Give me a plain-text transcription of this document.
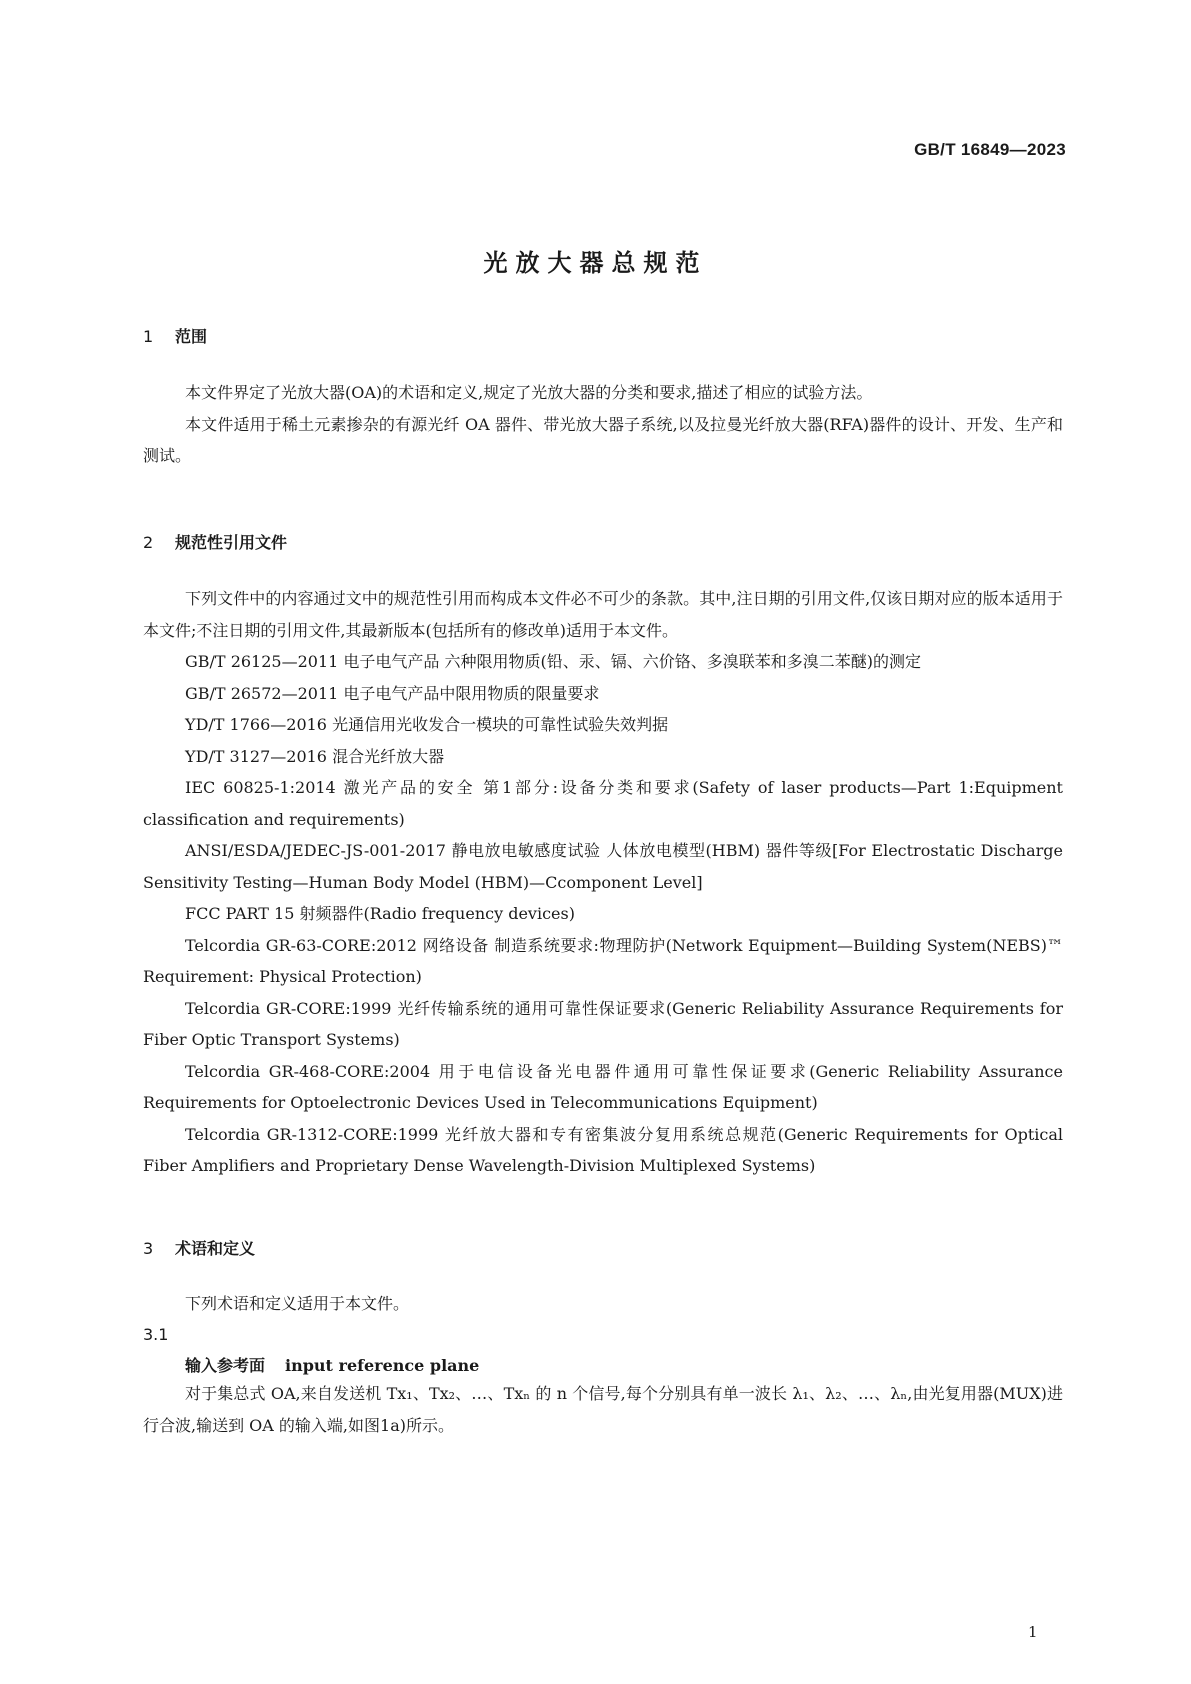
GB/T 16849—2023
光放大器总规范
1 范围

本文件界定了光放大器(OA)的术语和定义,规定了光放大器的分类和要求,描述了相应的试验方法。

本文件适用于稀土元素掺杂的有源光纤 OA 器件、带光放大器子系统,以及拉曼光纤放大器(RFA)器件的设计、开发、生产和测试。

2 规范性引用文件

下列文件中的内容通过文中的规范性引用而构成本文件必不可少的条款。其中,注日期的引用文件,仅该日期对应的版本适用于本文件;不注日期的引用文件,其最新版本(包括所有的修改单)适用于本文件。

GB/T 26125—2011 电子电气产品 六种限用物质(铅、汞、镉、六价铬、多溴联苯和多溴二苯醚)的测定

GB/T 26572—2011 电子电气产品中限用物质的限量要求

YD/T 1766—2016 光通信用光收发合一模块的可靠性试验失效判据

YD/T 3127—2016 混合光纤放大器

IEC 60825-1:2014 激光产品的安全 第1部分:设备分类和要求(Safety of laser products—Part 1:Equipment classification and requirements)

ANSI/ESDA/JEDEC-JS-001-2017 静电放电敏感度试验 人体放电模型(HBM) 器件等级[For Electrostatic Discharge Sensitivity Testing—Human Body Model (HBM)—Ccomponent Level]

FCC PART 15 射频器件(Radio frequency devices)

Telcordia GR-63-CORE:2012 网络设备 制造系统要求:物理防护(Network Equipment—Building System(NEBS)™ Requirement: Physical Protection)

Telcordia GR-CORE:1999 光纤传输系统的通用可靠性保证要求(Generic Reliability Assurance Requirements for Fiber Optic Transport Systems)

Telcordia GR-468-CORE:2004 用于电信设备光电器件通用可靠性保证要求(Generic Reliability Assurance Requirements for Optoelectronic Devices Used in Telecommunications Equipment)

Telcordia GR-1312-CORE:1999 光纤放大器和专有密集波分复用系统总规范(Generic Requirements for Optical Fiber Amplifiers and Proprietary Dense Wavelength-Division Multiplexed Systems)

3 术语和定义

下列术语和定义适用于本文件。

3.1
输入参考面 input reference plane

对于集总式 OA,来自发送机 Tx₁、Tx₂、…、Txₙ 的 n 个信号,每个分别具有单一波长 λ₁、λ₂、…、λₙ,由光复用器(MUX)进行合波,输送到 OA 的输入端,如图1a)所示。

1
